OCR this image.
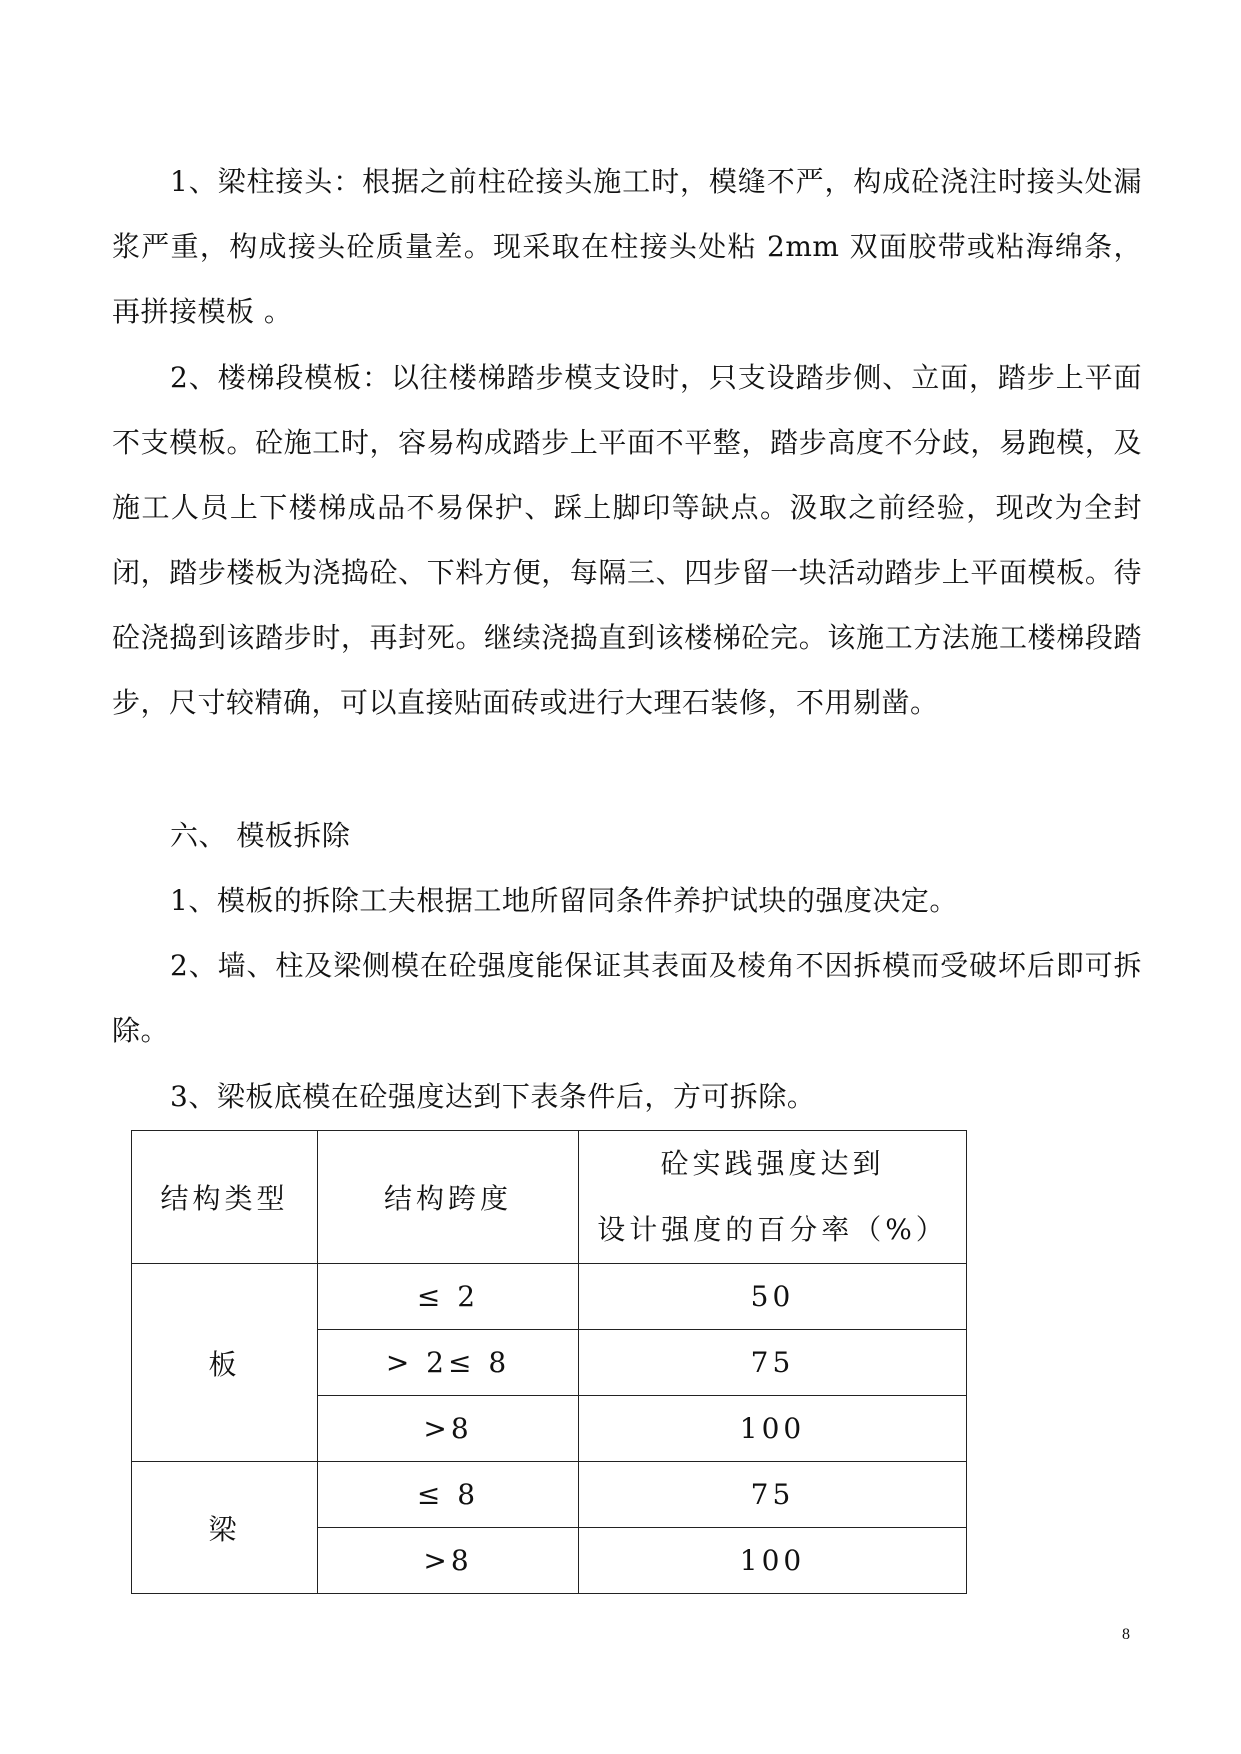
1、梁柱接头：根据之前柱砼接头施工时，模缝不严，构成砼浇注时接头处漏浆严重，构成接头砼质量差。现采取在柱接头处粘 2mm 双面胶带或粘海绵条，再拼接模板 。

2、楼梯段模板：以往楼梯踏步模支设时，只支设踏步侧、立面，踏步上平面不支模板。砼施工时，容易构成踏步上平面不平整，踏步高度不分歧，易跑模，及施工人员上下楼梯成品不易保护、踩上脚印等缺点。汲取之前经验，现改为全封闭，踏步楼板为浇捣砼、下料方便，每隔三、四步留一块活动踏步上平面模板。待砼浇捣到该踏步时，再封死。继续浇捣直到该楼梯砼完。该施工方法施工楼梯段踏步，尺寸较精确，可以直接贴面砖或进行大理石装修，不用剔凿。

六、 模板拆除

1、模板的拆除工夫根据工地所留同条件养护试块的强度决定。

2、墙、柱及梁侧模在砼强度能保证其表面及棱角不因拆模而受破坏后即可拆除。

3、梁板底模在砼强度达到下表条件后，方可拆除。

结构类型	结构跨度	砼实践强度达到
设计强度的百分率（%）

板	≤ 2	50
	> 2≤ 8	75
	>8	100
梁	≤ 8	75
	>8	100
8
